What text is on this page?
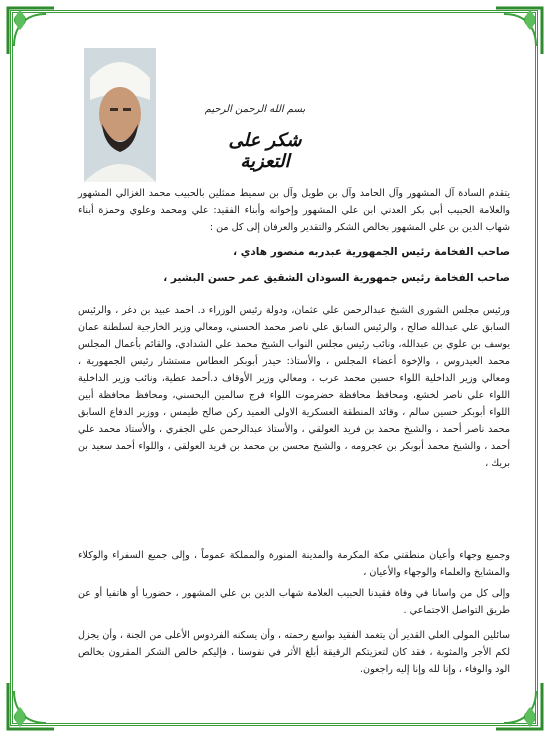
بسم الله الرحمن الرحيم
شكر على التعزية

يتقدم السادة آل المشهور وآل الحامد وآل بن طويل وآل بن سميط ممثلين بالحبيب محمد الغزالي المشهور والعلامة الحبيب أبي بكر العدني ابن علي المشهور وإخوانه وأبناء الفقيد: علي ومحمد وعلوي وحمزة أبناء شهاب الدين بن علي المشهور بخالص الشكر والتقدير والعرفان إلى كل من :

صاحب الفخامة رئيس الجمهورية عبدربه منصور هادي ،

صاحب الفخامة رئيس جمهورية السودان الشقيق عمر حسن البشير ،

ورئيس مجلس الشورى الشيخ عبدالرحمن علي عثمان، ودولة رئيس الوزراء د. احمد عبيد بن دغر ، والرئيس السابق علي عبدالله صالح ، والرئيس السابق علي ناصر محمد الحسني، ومعالي وزير الخارجية لسلطنة عمان يوسف بن علوي بن عبدالله، ونائب رئيس مجلس النواب الشيخ محمد علي الشدادي، والقائم بأعمال المجلس محمد العيدروس ، والإخوة أعضاء المجلس ، والأستاذ: حيدر أبوبكر العطاس مستشار رئيس الجمهورية ، ومعالي وزير الداخلية اللواء حسين محمد عرب ، ومعالي وزير الأوقاف د.أحمد عطية، ونائب وزير الداخلية اللواء علي ناصر لخشع، ومحافظ محافظة حضرموت اللواء فرج سالمين البحسني، ومحافظ محافظة أبين اللواء أبوبكر حسين سالم ، وقائد المنطقة العسكرية الاولى العميد ركن صالح طيمس ، ووزير الدفاع السابق محمد ناصر أحمد ، والشيخ محمد بن فريد العولقي ، والأستاذ عبدالرحمن علي الجفري ، والأستاذ محمد علي أحمد ، والشيخ محمد أبوبكر بن عجرومه ، والشيخ محسن بن محمد بن فريد العولقي ، واللواء أحمد سعيد بن بريك ،

وجميع وجهاء وأعيان منطقتي مكة المكرمة والمدينة المنورة والمملكة عموماً ، وإلى جميع السفراء والوكلاء والمشايخ والعلماء والوجهاء والأعيان ،

وإلى كل من واسانا في وفاة فقيدنا الحبيب العلامة شهاب الدين بن علي المشهور ، حضوريا أو هاتفيا أو عن طريق التواصل الاجتماعي .

سائلين المولى العلي القدير أن يتغمد الفقيد بواسع رحمته ، وأن يسكنه الفردوس الأعلى من الجنة ، وأن يجزل لكم الأجر والمثوبة ، فقد كان لتعزيتكم الرقيقة أبلغ الأثر في نفوسنا ، فإليكم خالص الشكر المقرون بخالص الود والوفاء ، وإنا لله وإنا إليه راجعون.
